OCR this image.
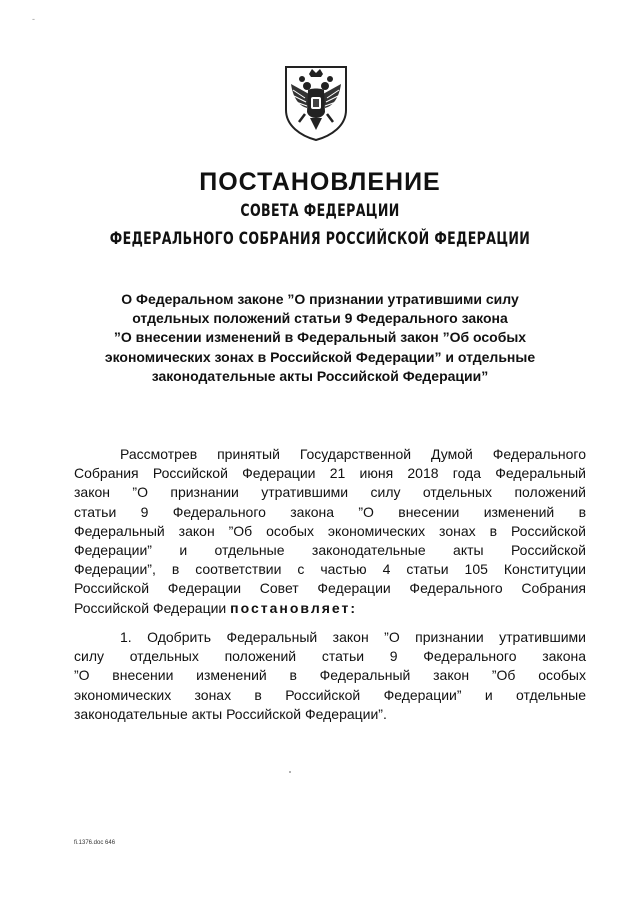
-
ПОСТАНОВЛЕНИЕ
СОВЕТА ФЕДЕРАЦИИ
ФЕДЕРАЛЬНОГО СОБРАНИЯ РОССИЙСКОЙ ФЕДЕРАЦИИ
О Федеральном законе ”О признании утратившими силу
отдельных положений статьи 9 Федерального закона
”О внесении изменений в Федеральный закон ”Об особых
экономических зонах в Российской Федерации” и отдельные
законодательные акты Российской Федерации”
Рассмотрев принятый Государственной Думой Федерального
Собрания Российской Федерации 21 июня 2018 года Федеральный
закон ”О признании утратившими силу отдельных положений
статьи 9 Федерального закона ”О внесении изменений в
Федеральный закон ”Об особых экономических зонах в Российской
Федерации” и отдельные законодательные акты Российской
Федерации”, в соответствии с частью 4 статьи 105 Конституции
Российской Федерации Совет Федерации Федерального Собрания
Российской Федерации постановляет:
1. Одобрить Федеральный закон ”О признании утратившими
силу отдельных положений статьи 9 Федерального закона
”О внесении изменений в Федеральный закон ”Об особых
экономических зонах в Российской Федерации” и отдельные
законодательные акты Российской Федерации”.
fi.1376.doc 646
